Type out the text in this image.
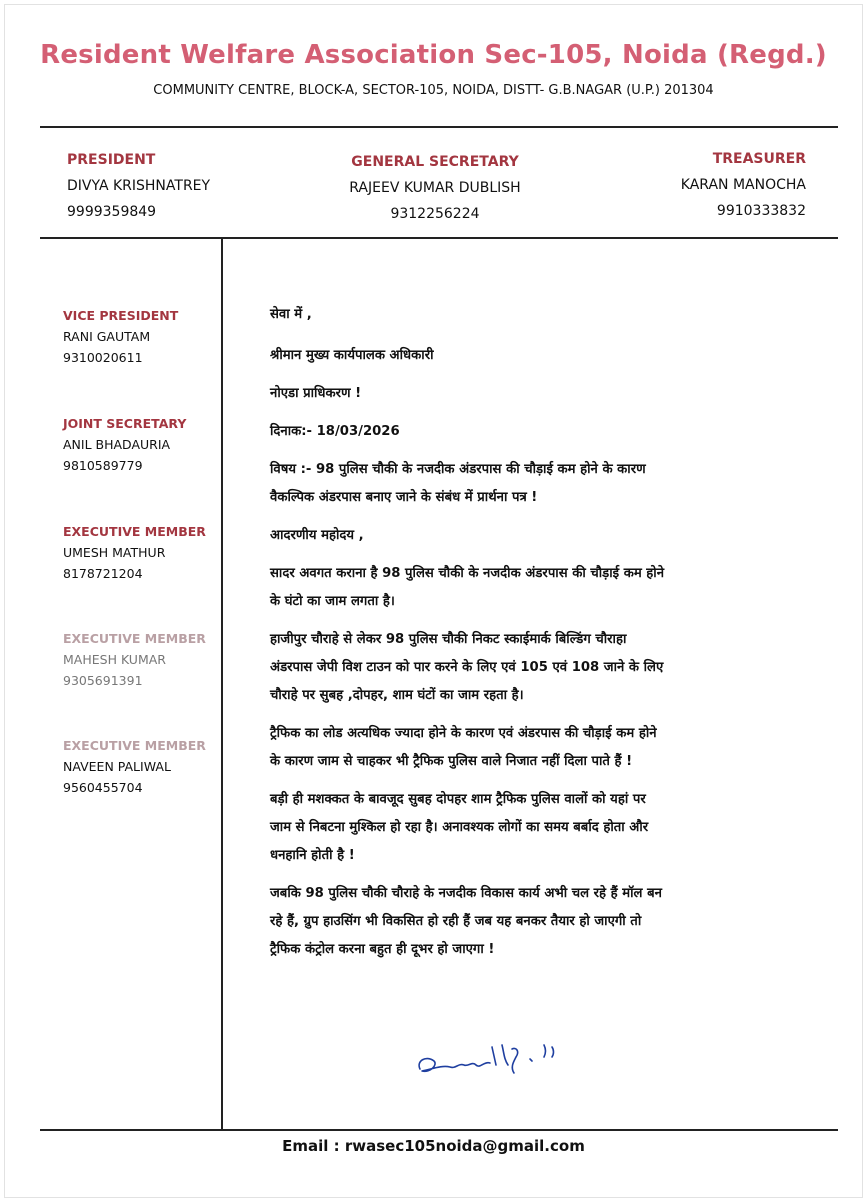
Resident Welfare Association Sec-105, Noida (Regd.)
COMMUNITY CENTRE, BLOCK-A, SECTOR-105, NOIDA, DISTT- G.B.NAGAR (U.P.) 201304
PRESIDENT
DIVYA KRISHNATREY
9999359849
GENERAL SECRETARY
RAJEEV KUMAR DUBLISH
9312256224
TREASURER
KARAN MANOCHA
9910333832
VICE PRESIDENT
RANI GAUTAM
9310020611
JOINT SECRETARY
ANIL BHADAURIA
9810589779
EXECUTIVE MEMBER
UMESH MATHUR
8178721204
EXECUTIVE MEMBER
MAHESH KUMAR
9305691391
EXECUTIVE MEMBER
NAVEEN PALIWAL
9560455704

सेवा में ,

श्रीमान मुख्य कार्यपालक अधिकारी

नोएडा प्राधिकरण !

दिनाक:- 18/03/2026

विषय :- 98 पुलिस चौकी के नजदीक अंडरपास की चौड़ाई कम होने के कारण

वैकल्पिक अंडरपास बनाए जाने के संबंध में प्रार्थना पत्र !

आदरणीय महोदय ,

सादर अवगत कराना है 98 पुलिस चौकी के नजदीक अंडरपास की चौड़ाई कम होने

के घंटो का जाम लगता है।

हाजीपुर चौराहे से लेकर 98 पुलिस चौकी निकट स्काईमार्क बिल्डिंग चौराहा

अंडरपास जेपी विश टाउन को पार करने के लिए एवं 105 एवं 108 जाने के लिए

चौराहे पर सुबह ,दोपहर, शाम घंटों का जाम रहता है।

ट्रैफिक का लोड अत्यधिक ज्यादा होने के कारण एवं अंडरपास की चौड़ाई कम होने

के कारण जाम से चाहकर भी ट्रैफिक पुलिस वाले निजात नहीं दिला पाते हैं !

बड़ी ही मशक्कत के बावजूद सुबह दोपहर शाम ट्रैफिक पुलिस वालों को यहां पर

जाम से निबटना मुश्किल हो रहा है। अनावश्यक लोगों का समय बर्बाद होता और

धनहानि होती है !

जबकि 98 पुलिस चौकी चौराहे के नजदीक विकास कार्य अभी चल रहे हैं मॉल बन

रहे हैं, ग्रुप हाउसिंग भी विकसित हो रही हैं जब यह बनकर तैयार हो जाएगी तो

ट्रैफिक कंट्रोल करना बहुत ही दूभर हो जाएगा !

Email : rwasec105noida@gmail.com
